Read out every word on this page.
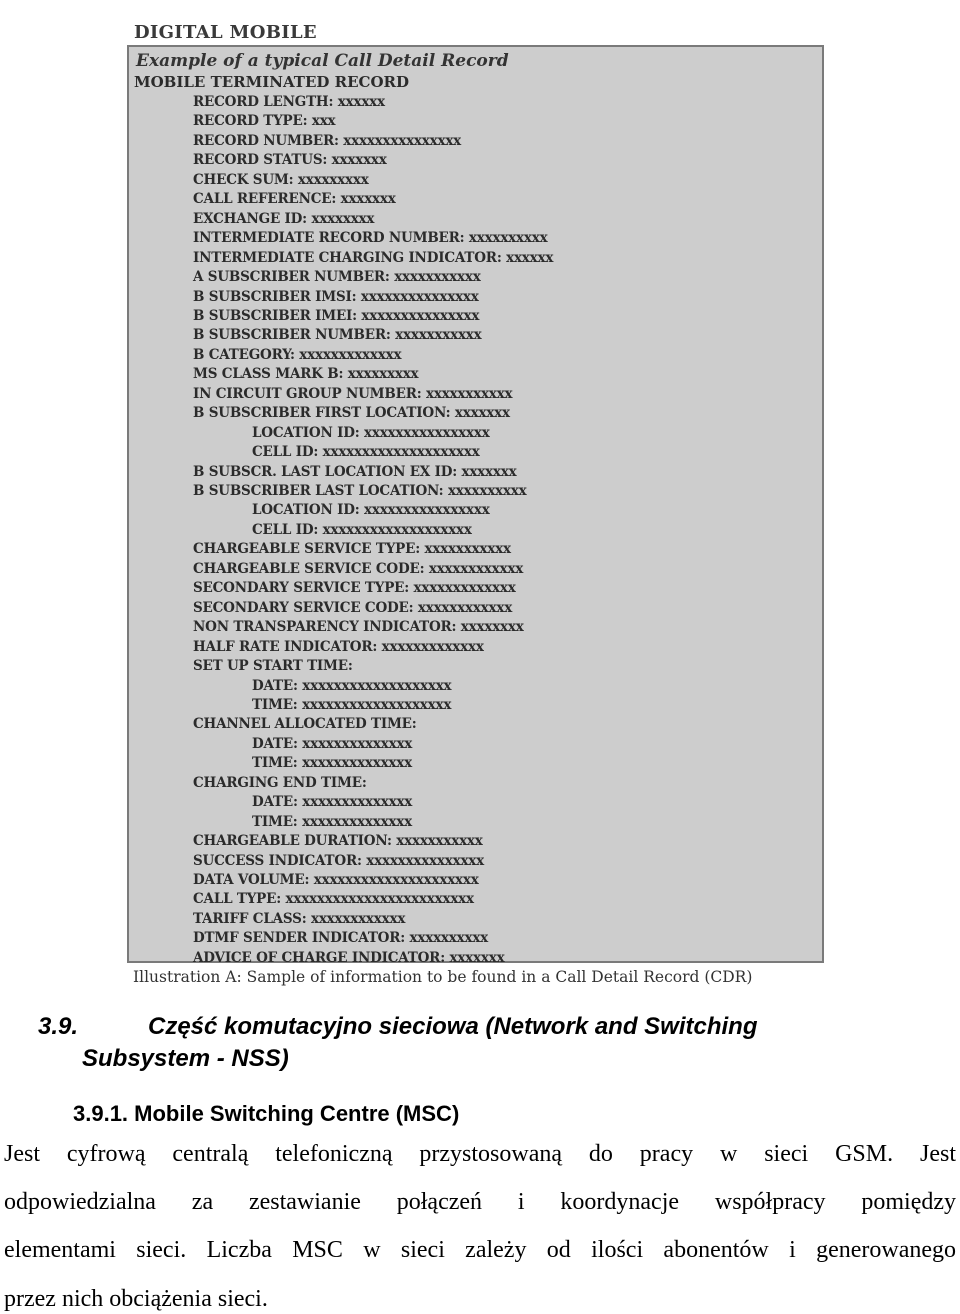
DIGITAL MOBILE
Example of a typical Call Detail Record
MOBILE TERMINATED RECORD
RECORD LENGTH: xxxxxx
RECORD TYPE: xxx
RECORD NUMBER: xxxxxxxxxxxxxxx
RECORD STATUS: xxxxxxx
CHECK SUM: xxxxxxxxx
CALL REFERENCE: xxxxxxx
EXCHANGE ID: xxxxxxxx
INTERMEDIATE RECORD NUMBER: xxxxxxxxxx
INTERMEDIATE CHARGING INDICATOR: xxxxxx
A SUBSCRIBER NUMBER: xxxxxxxxxxx
B SUBSCRIBER IMSI: xxxxxxxxxxxxxxx
B SUBSCRIBER IMEI: xxxxxxxxxxxxxxx
B SUBSCRIBER NUMBER: xxxxxxxxxxx
B CATEGORY: xxxxxxxxxxxxx
MS CLASS MARK B: xxxxxxxxx
IN CIRCUIT GROUP NUMBER: xxxxxxxxxxx
B SUBSCRIBER FIRST LOCATION: xxxxxxx
LOCATION ID: xxxxxxxxxxxxxxxx
CELL ID: xxxxxxxxxxxxxxxxxxxx
B SUBSCR. LAST LOCATION EX ID: xxxxxxx
B SUBSCRIBER LAST LOCATION: xxxxxxxxxx
LOCATION ID: xxxxxxxxxxxxxxxx
CELL ID: xxxxxxxxxxxxxxxxxxx
CHARGEABLE SERVICE TYPE: xxxxxxxxxxx
CHARGEABLE SERVICE CODE: xxxxxxxxxxxx
SECONDARY SERVICE TYPE: xxxxxxxxxxxxx
SECONDARY SERVICE CODE: xxxxxxxxxxxx
NON TRANSPARENCY INDICATOR: xxxxxxxx
HALF RATE INDICATOR: xxxxxxxxxxxxx
SET UP START TIME:
DATE: xxxxxxxxxxxxxxxxxxx
TIME: xxxxxxxxxxxxxxxxxxx
CHANNEL ALLOCATED TIME:
DATE: xxxxxxxxxxxxxx
TIME: xxxxxxxxxxxxxx
CHARGING END TIME:
DATE: xxxxxxxxxxxxxx
TIME: xxxxxxxxxxxxxx
CHARGEABLE DURATION: xxxxxxxxxxx
SUCCESS INDICATOR: xxxxxxxxxxxxxxx
DATA VOLUME: xxxxxxxxxxxxxxxxxxxxx
CALL TYPE: xxxxxxxxxxxxxxxxxxxxxxxx
TARIFF CLASS: xxxxxxxxxxxx
DTMF SENDER INDICATOR: xxxxxxxxxx
ADVICE OF CHARGE INDICATOR: xxxxxxx
Illustration A: Sample of information to be found in a Call Detail Record (CDR)
3.9.	Część komutacyjno sieciowa (Network and Switching
Subsystem - NSS)
3.9.1. Mobile Switching Centre (MSC)
Jest cyfrową centralą telefoniczną przystosowaną do pracy w sieci GSM. Jest
odpowiedzialna za zestawianie połączeń i koordynacje współpracy pomiędzy
elementami sieci. Liczba MSC w sieci zależy od ilości abonentów i generowanego
przez nich obciążenia sieci.
